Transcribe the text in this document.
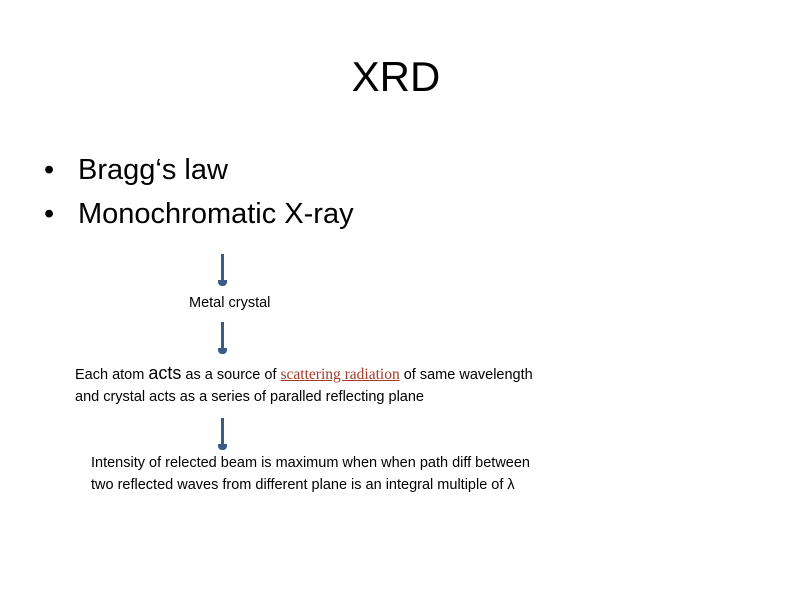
XRD
• Bragg‘s law
• Monochromatic X-ray
Metal crystal
Each atom acts as a source of scattering radiation of same wavelength
and crystal acts as a series of paralled reflecting plane
Intensity of relected beam is maximum when when path diff between
two reflected waves from different plane is an integral multiple of λ
